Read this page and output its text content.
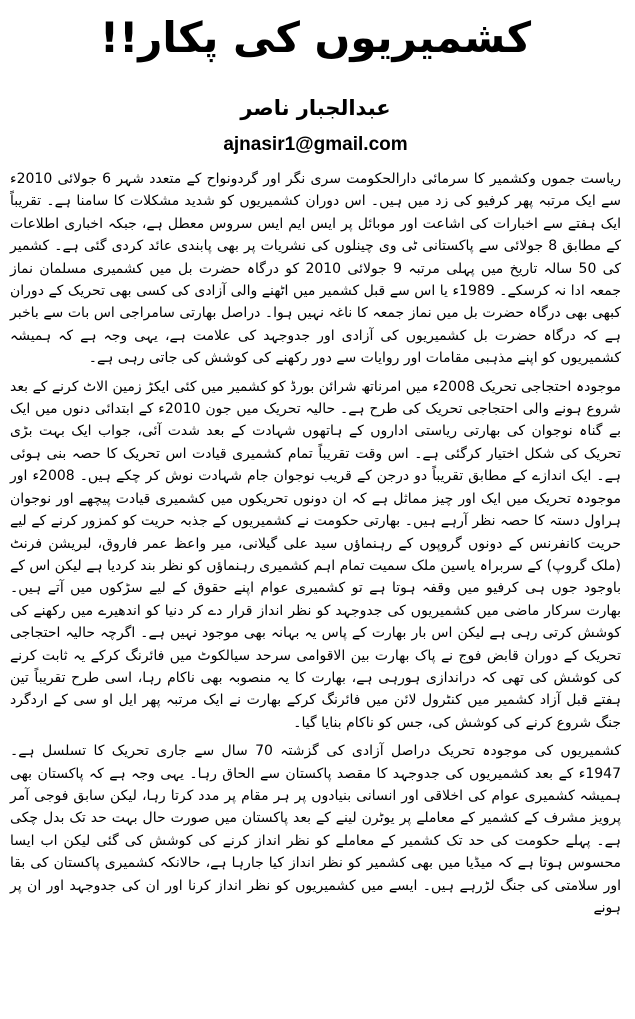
کشمیریوں کی پکار!!
عبدالجبار ناصر
ajnasir1@gmail.com

ریاست جموں وکشمیر کا سرمائی دارالحکومت سری نگر اور گردونواح کے متعدد شہر 6 جولائی 2010ء سے ایک مرتبہ پھر کرفیو کی زد میں ہیں۔ اس دوران کشمیریوں کو شدید مشکلات کا سامنا ہے۔ تقریباً ایک ہفتے سے اخبارات کی اشاعت اور موبائل پر ایس ایم ایس سروس معطل ہے، جبکہ اخباری اطلاعات کے مطابق 8 جولائی سے پاکستانی ٹی وی چینلوں کی نشریات پر بھی پابندی عائد کردی گئی ہے۔ کشمیر کی 50 سالہ تاریخ میں پہلی مرتبہ 9 جولائی 2010 کو درگاہ حضرت بل میں کشمیری مسلمان نماز جمعہ ادا نہ کرسکے۔ 1989ء یا اس سے قبل کشمیر میں اٹھنے والی آزادی کی کسی بھی تحریک کے دوران کبھی بھی درگاہ حضرت بل میں نماز جمعہ کا ناغہ نہیں ہوا۔ دراصل بھارتی سامراجی اس بات سے باخبر ہے کہ درگاہ حضرت بل کشمیریوں کی آزادی اور جدوجہد کی علامت ہے، یہی وجہ ہے کہ ہمیشہ کشمیریوں کو اپنے مذہبی مقامات اور روایات سے دور رکھنے کی کوشش کی جاتی رہی ہے۔

موجودہ احتجاجی تحریک 2008ء میں امرناتھ شرائن بورڈ کو کشمیر میں کئی ایکڑ زمین الاٹ کرنے کے بعد شروع ہونے والی احتجاجی تحریک کی طرح ہے۔ حالیہ تحریک میں جون 2010ء کے ابتدائی دنوں میں ایک بے گناہ نوجوان کی بھارتی ریاستی اداروں کے ہاتھوں شہادت کے بعد شدت آئی، جواب ایک بہت بڑی تحریک کی شکل اختیار کرگئی ہے۔ اس وقت تقریباً تمام کشمیری قیادت اس تحریک کا حصہ بنی ہوئی ہے۔ ایک اندازے کے مطابق تقریباً دو درجن کے قریب نوجوان جام شہادت نوش کر چکے ہیں۔ 2008ء اور موجودہ تحریک میں ایک اور چیز مماثل ہے کہ ان دونوں تحریکوں میں کشمیری قیادت پیچھے اور نوجوان ہراول دستہ کا حصہ نظر آرہے ہیں۔ بھارتی حکومت نے کشمیریوں کے جذبہ حریت کو کمزور کرنے کے لیے حریت کانفرنس کے دونوں گروپوں کے رہنماؤں سید علی گیلانی، میر واعظ عمر فاروق، لبریشن فرنٹ (ملک گروپ) کے سربراہ یاسین ملک سمیت تمام اہم کشمیری رہنماؤں کو نظر بند کردیا ہے لیکن اس کے باوجود جوں ہی کرفیو میں وقفہ ہوتا ہے تو کشمیری عوام اپنے حقوق کے لیے سڑکوں میں آتے ہیں۔ بھارت سرکار ماضی میں کشمیریوں کی جدوجہد کو نظر انداز قرار دے کر دنیا کو اندھیرے میں رکھنے کی کوشش کرتی رہی ہے لیکن اس بار بھارت کے پاس یہ بہانہ بھی موجود نہیں ہے۔ اگرچہ حالیہ احتجاجی تحریک کے دوران قابض فوج نے پاک بھارت بین الاقوامی سرحد سیالکوٹ میں فائرنگ کرکے یہ ثابت کرنے کی کوشش کی تھی کہ دراندازی ہورہی ہے، بھارت کا یہ منصوبہ بھی ناکام رہا، اسی طرح تقریباً تین ہفتے قبل آزاد کشمیر میں کنٹرول لائن میں فائرنگ کرکے بھارت نے ایک مرتبہ پھر ایل او سی کے اردگرد جنگ شروع کرنے کی کوشش کی، جس کو ناکام بنایا گیا۔

کشمیریوں کی موجودہ تحریک دراصل آزادی کی گزشتہ 70 سال سے جاری تحریک کا تسلسل ہے۔ 1947ء کے بعد کشمیریوں کی جدوجہد کا مقصد پاکستان سے الحاق رہا۔ یہی وجہ ہے کہ پاکستان بھی ہمیشہ کشمیری عوام کی اخلاقی اور انسانی بنیادوں پر ہر مقام پر مدد کرتا رہا، لیکن سابق فوجی آمر پرویز مشرف کے کشمیر کے معاملے پر یوٹرن لینے کے بعد پاکستان میں صورت حال بہت حد تک بدل چکی ہے۔ پہلے حکومت کی حد تک کشمیر کے معاملے کو نظر انداز کرنے کی کوشش کی گئی لیکن اب ایسا محسوس ہوتا ہے کہ میڈیا میں بھی کشمیر کو نظر انداز کیا جارہا ہے، حالانکہ کشمیری پاکستان کی بقا اور سلامتی کی جنگ لڑرہے ہیں۔ ایسے میں کشمیریوں کو نظر انداز کرنا اور ان کی جدوجہد اور ان پر ہونے
